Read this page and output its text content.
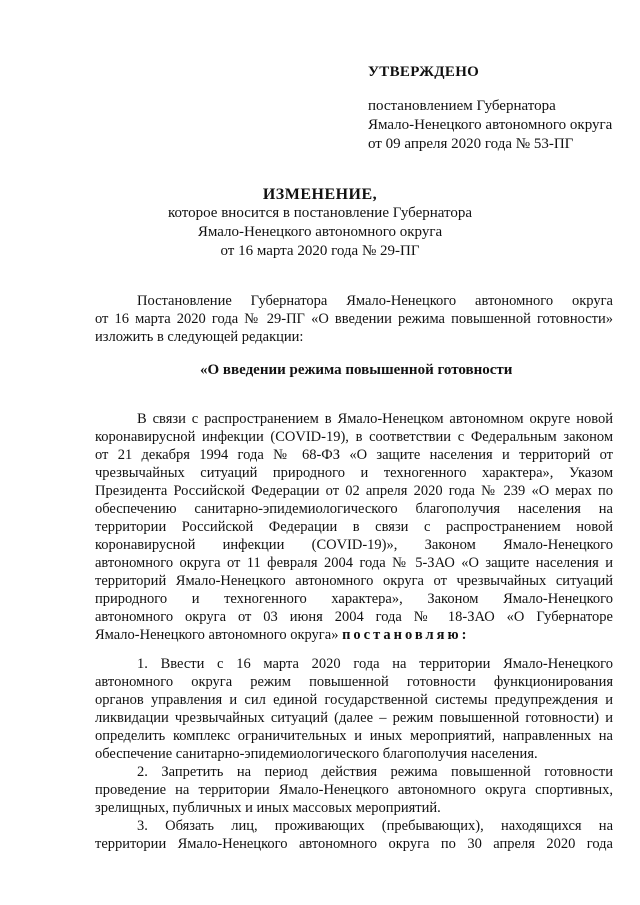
УТВЕРЖДЕНО
постановлением Губернатора
Ямало-Ненецкого автономного округа
от 09 апреля 2020 года № 53-ПГ
ИЗМЕНЕНИЕ,
которое вносится в постановление Губернатора
Ямало-Ненецкого автономного округа
от 16 марта 2020 года № 29-ПГ
Постановление Губернатора Ямало-Ненецкого автономного округа
от 16 марта 2020 года № 29-ПГ «О введении режима повышенной готовности»
изложить в следующей редакции:
«О введении режима повышенной готовности
В связи с распространением в Ямало-Ненецком автономном округе новой
коронавирусной инфекции (COVID-19), в соответствии с Федеральным законом
от 21 декабря 1994 года № 68-ФЗ «О защите населения и территорий от
чрезвычайных ситуаций природного и техногенного характера», Указом
Президента Российской Федерации от 02 апреля 2020 года № 239 «О мерах по
обеспечению санитарно-эпидемиологического благополучия населения на
территории Российской Федерации в связи с распространением новой
коронавирусной инфекции (COVID-19)», Законом Ямало-Ненецкого
автономного округа от 11 февраля 2004 года № 5-ЗАО «О защите населения и
территорий Ямало-Ненецкого автономного округа от чрезвычайных ситуаций
природного и техногенного характера», Законом Ямало-Ненецкого
автономного округа от 03 июня 2004 года № 18-ЗАО «О Губернаторе
Ямало-Ненецкого автономного округа» постановляю:
1. Ввести с 16 марта 2020 года на территории Ямало-Ненецкого
автономного округа режим повышенной готовности функционирования
органов управления и сил единой государственной системы предупреждения и
ликвидации чрезвычайных ситуаций (далее – режим повышенной готовности) и
определить комплекс ограничительных и иных мероприятий, направленных на
обеспечение санитарно-эпидемиологического благополучия населения.
2. Запретить на период действия режима повышенной готовности
проведение на территории Ямало-Ненецкого автономного округа спортивных,
зрелищных, публичных и иных массовых мероприятий.
3. Обязать лиц, проживающих (пребывающих), находящихся на
территории Ямало-Ненецкого автономного округа по 30 апреля 2020 года
